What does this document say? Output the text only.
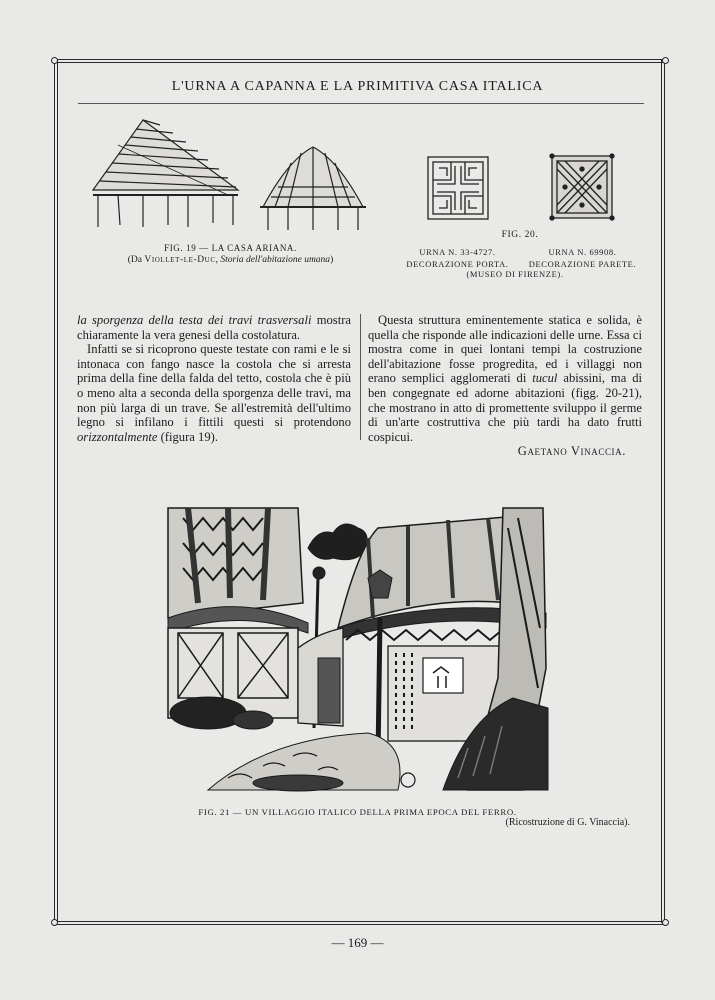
L'URNA A CAPANNA E LA PRIMITIVA CASA ITALICA
FIG. 19 — LA CASA ARIANA.
(Da Viollet-le-Duc, Storia dell'abitazione umana)
FIG. 20.
URNA N. 33-4727.
DECORAZIONE PORTA.
URNA N. 69908.
DECORAZIONE PARETE.
(MUSEO DI FIRENZE).

la sporgenza della testa dei travi trasversali mostra chiaramente la vera genesi della costolatura.

Infatti se si ricoprono queste testate con rami e le si intonaca con fango nasce la costola che si arresta prima della fine della falda del tetto, costola che è più o meno alta a seconda della sporgenza delle travi, ma non più larga di un trave. Se all'estremità dell'ultimo legno si infilano i fittili questi si protendono orizzontalmente (figura 19).

Questa struttura eminentemente statica e solida, è quella che risponde alle indicazioni delle urne. Essa ci mostra come in quei lontani tempi la costruzione dell'abitazione fosse progredita, ed i villaggi non erano semplici agglomerati di tucul abissini, ma di ben congegnate ed adorne abitazioni (figg. 20-21), che mostrano in atto di promettente sviluppo il germe di un'arte costruttiva che più tardi ha dato frutti cospicui.

Gaetano Vinaccia.
FIG. 21 — UN VILLAGGIO ITALICO DELLA PRIMA EPOCA DEL FERRO.
(Ricostruzione di G. Vinaccia).
— 169 —
